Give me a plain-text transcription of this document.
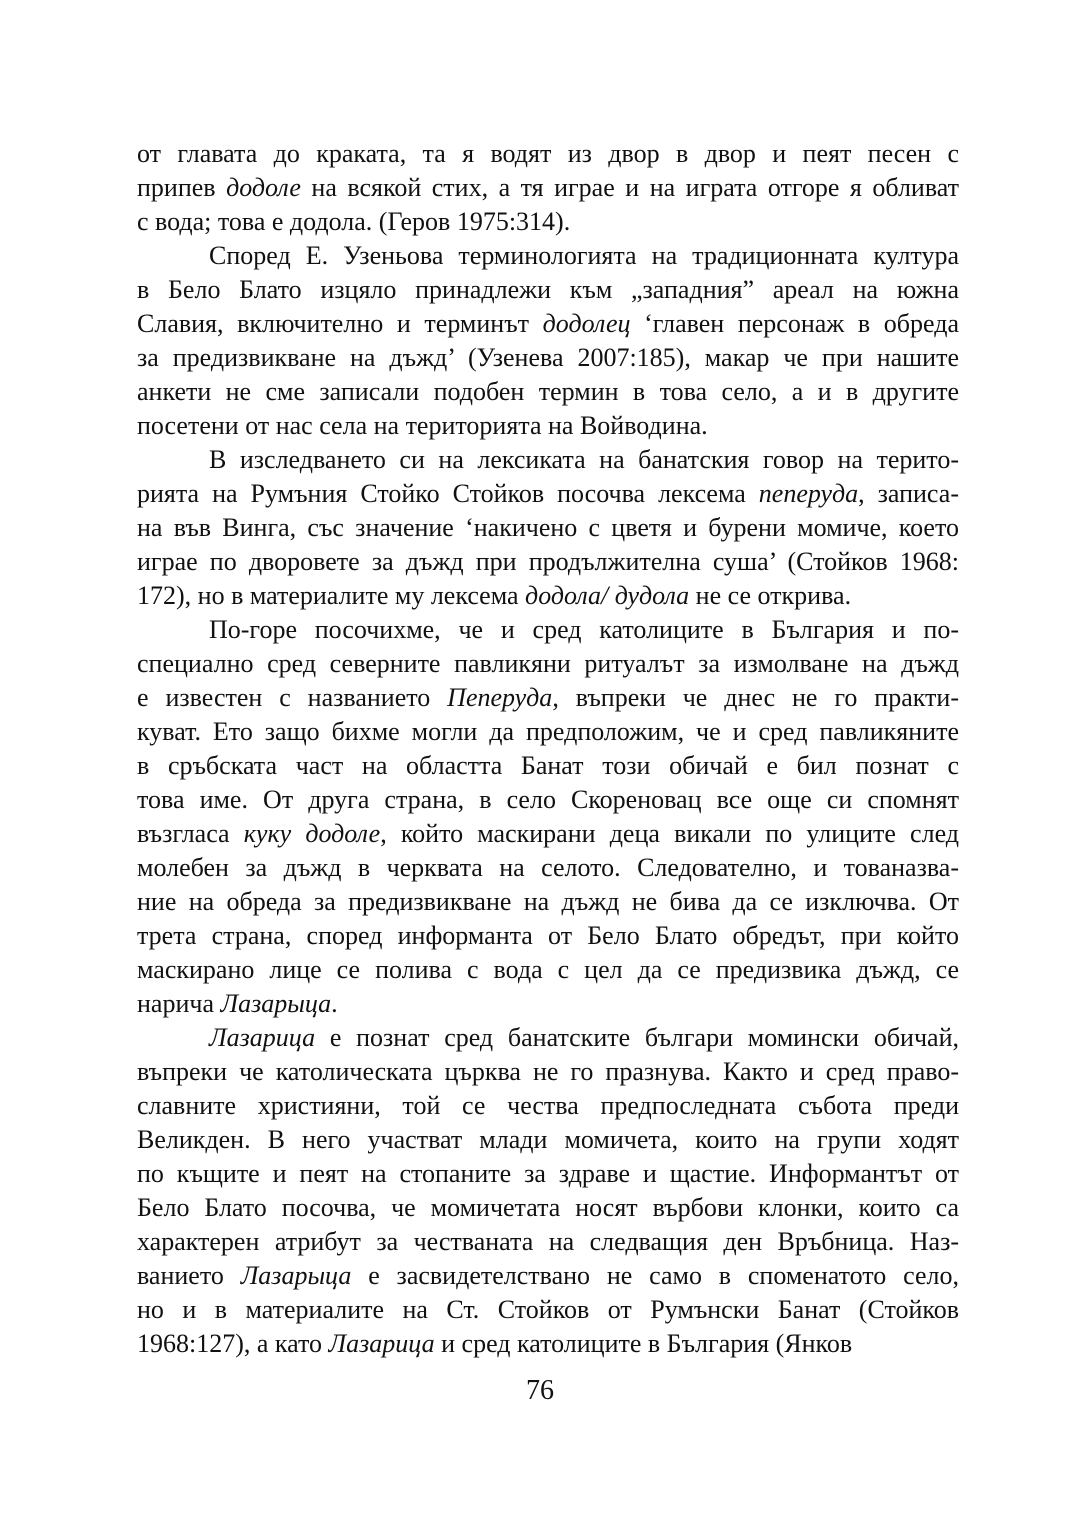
от главата до краката, та я водят из двор в двор и пеят песен с
припев додоле на всякой стих, а тя играе и на играта отгоре я обливат
с вода; това е додола. (Геров 1975:314).
Според Е. Узеньова терминологията на традиционната култура
в Бело Блато изцяло принадлежи към „западния” ареал на южна
Славия, включително и терминът додолец ‘главен персонаж в обреда
за предизвикване на дъжд’ (Узенева 2007:185), макар че при нашите
анкети не сме записали подобен термин в това село, а и в другите
посетени от нас села на територията на Войводина.
В изследването си на лексиката на банатския говор на терито-
рията на Румъния Стойко Стойков посочва лексема пеперуда, записа-
на във Винга, със значение ‘накичено с цветя и бурени момиче, което
играе по дворовете за дъжд при продължителна суша’ (Стойков 1968:
172), но в материалите му лексема додола/ дудола не се открива.
По-горе посочихме, че и сред католиците в България и по-
специално сред северните павликяни ритуалът за измолване на дъжд
е известен с названието Пеперуда, въпреки че днес не го практи-
куват. Ето защо бихме могли да предположим, че и сред павликяните
в сръбската част на областта Банат този обичай е бил познат с
това име. От друга страна, в село Скореновац все още си спомнят
възгласа куку додоле, който маскирани деца викали по улиците след
молебен за дъжд в черквата на селото. Следователно, и тованазва-
ние на обреда за предизвикване на дъжд не бива да се изключва. От
трета страна, според информанта от Бело Блато обредът, при който
маскирано лице се полива с вода с цел да се предизвика дъжд, се
нарича Лазарыца.
Лазарица е познат сред банатските българи момински обичай,
въпреки че католическата църква не го празнува. Както и сред право-
славните християни, той се чества предпоследната събота преди
Великден. В него участват млади момичета, които на групи ходят
по къщите и пеят на стопаните за здраве и щастие. Информантът от
Бело Блато посочва, че момичетата носят върбови клонки, които са
характерен атрибут за честваната на следващия ден Връбница. Наз-
ванието Лазарыца е засвидетелствано не само в споменатото село,
но и в материалите на Ст. Стойков от Румънски Банат (Стойков
1968:127), а като Лазарица и сред католиците в България (Янков
76
